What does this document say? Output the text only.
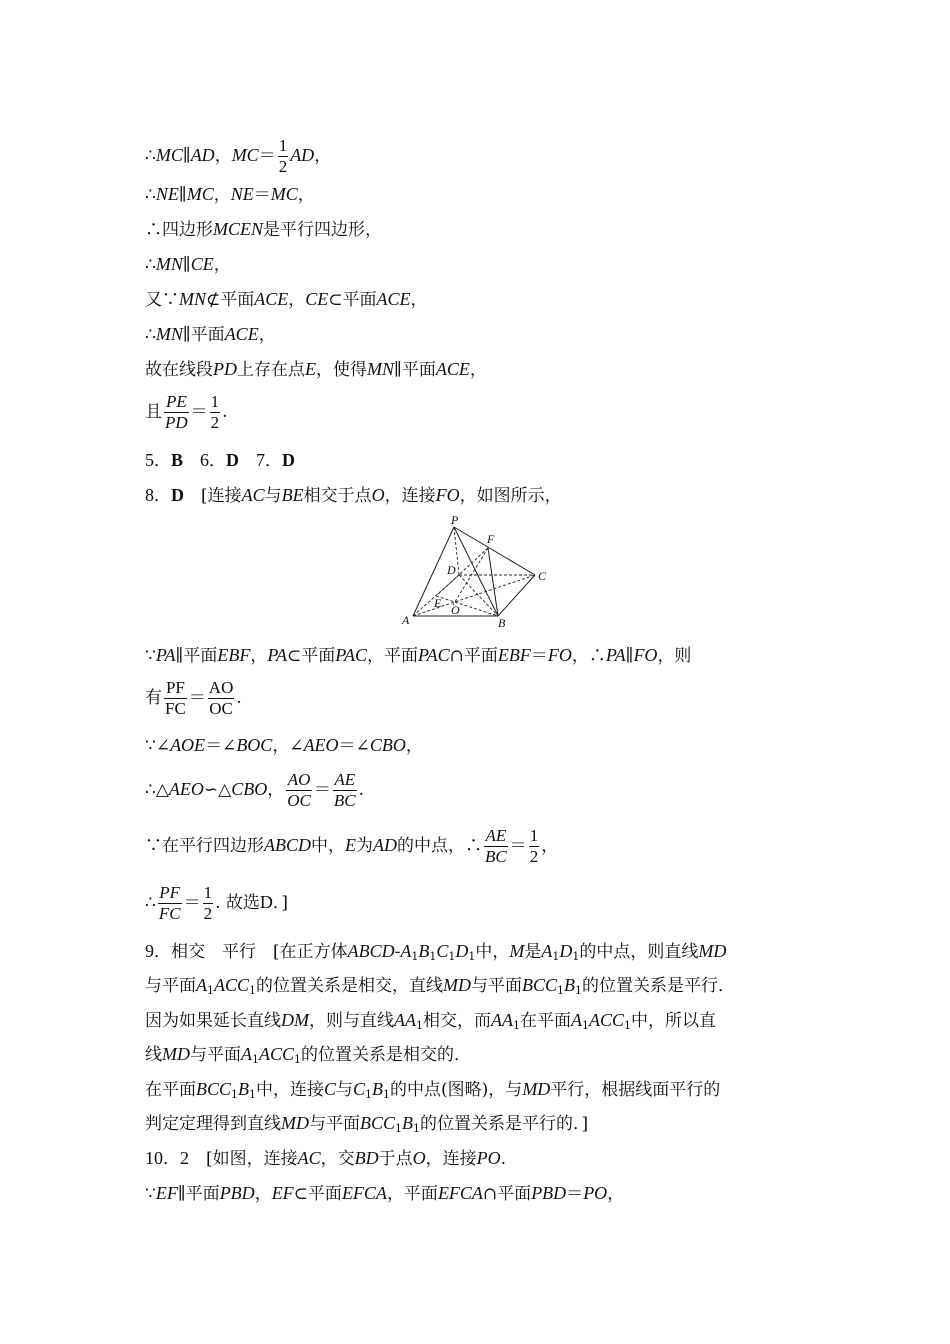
∴MC∥AD，$MC= \frac{1}{2}$ AD，
∴NE∥MC，NE＝MC，
∴四边形MCEN是平行四边形，
∴MN∥CE，
又∵MN⊄平面ACE，CE⊂平面ACE，
∴MN∥平面ACE，
故在线段PD上存在点E，使得MN∥平面ACE，
且 $\frac{PE}{PD} = \frac{1}{2}$ .
5．B　 6．D　 7．D
8．D　[连接AC与BE相交于点O，连接FO，如图所示，
P
F
D	C
E O
A	B
∵PA∥平面EBF，PA⊂平面PAC，平面PAC∩平面EBF＝FO，∴PA∥FO，则
有 $\frac{PF}{FC} = \frac{AO}{OC}$ .
∵∠AOE＝∠BOC，∠AEO＝∠CBO，
∴△AEO∽△CBO， $\frac{AO}{OC} = \frac{AE}{BC}$ .
∵在平行四边形ABCD中，E为AD的中点，∴ $\frac{AE}{BC} = \frac{1}{2}$ ，
∴ $\frac{PF}{FC} = \frac{1}{2}$ . 故选D．]
9．相交　平行　[在正方体ABCD-$A_1B_1C_1D_1$中，M是$A_1D_1$的中点，则直线MD
与平面$A_1ACC_1$的位置关系是相交，直线MD与平面$BCC_1B_1$的位置关系是平行．
因为如果延长直线DM，则与直线$AA_1$相交，而$AA_1$在平面$A_1ACC_1$中，所以直
线MD与平面$A_1ACC_1$的位置关系是相交的．
在平面$BCC_1B_1$中，连接C与$C_1B_1$的中点(图略)，与MD平行，根据线面平行的
判定定理得到直线MD与平面$BCC_1B_1$的位置关系是平行的．]
10．2　[如图，连接AC，交BD于点O，连接PO.
∵EF∥平面PBD，EF⊂平面EFCA，平面EFCA∩平面PBD＝PO，
